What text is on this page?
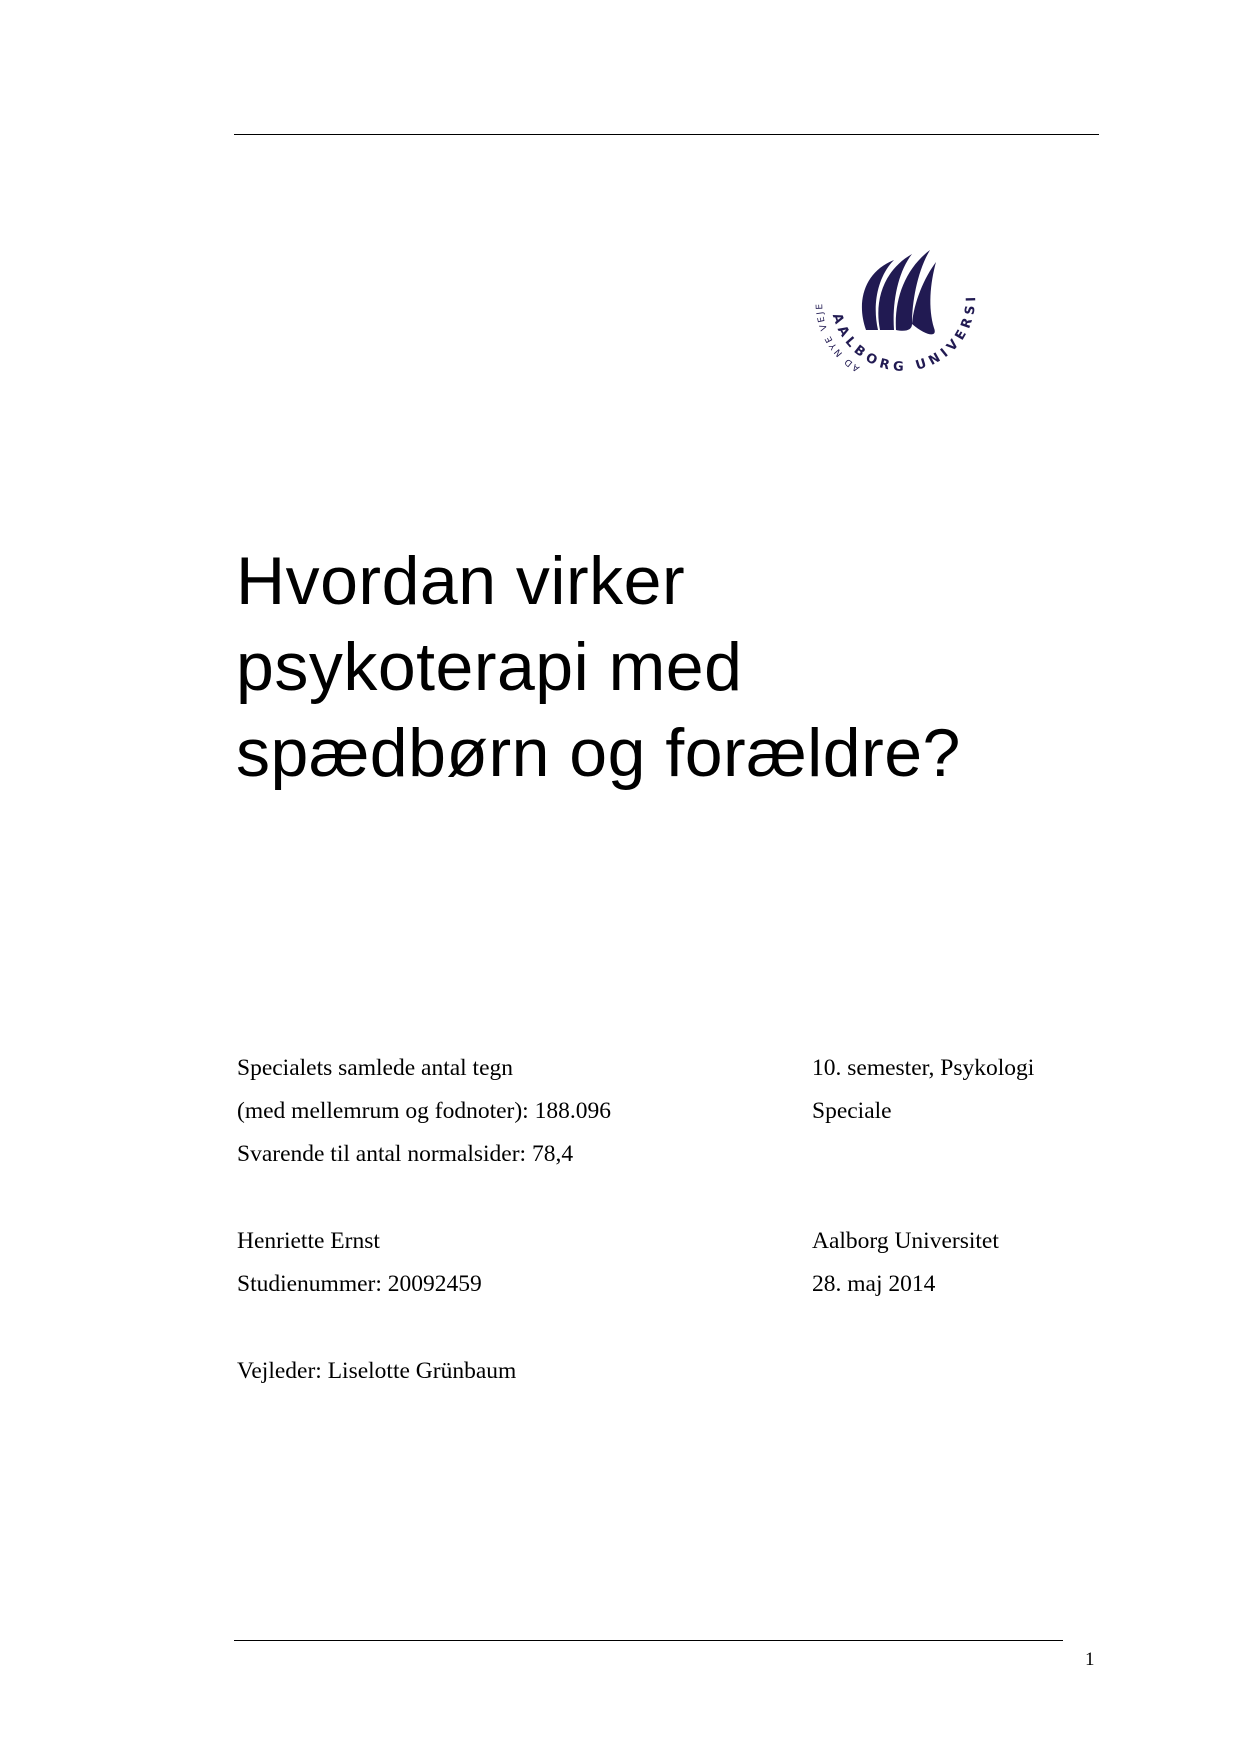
AD NYE VEJE
AALBORG UNIVERSI
Hvordan virker
psykoterapi med
spædbørn og forældre?
Specialets samlede antal tegn
(med mellemrum og fodnoter): 188.096
Svarende til antal normalsider: 78,4
10. semester, Psykologi
Speciale
Henriette Ernst
Studienummer: 20092459
Aalborg Universitet
28. maj 2014
Vejleder: Liselotte Grünbaum
1
